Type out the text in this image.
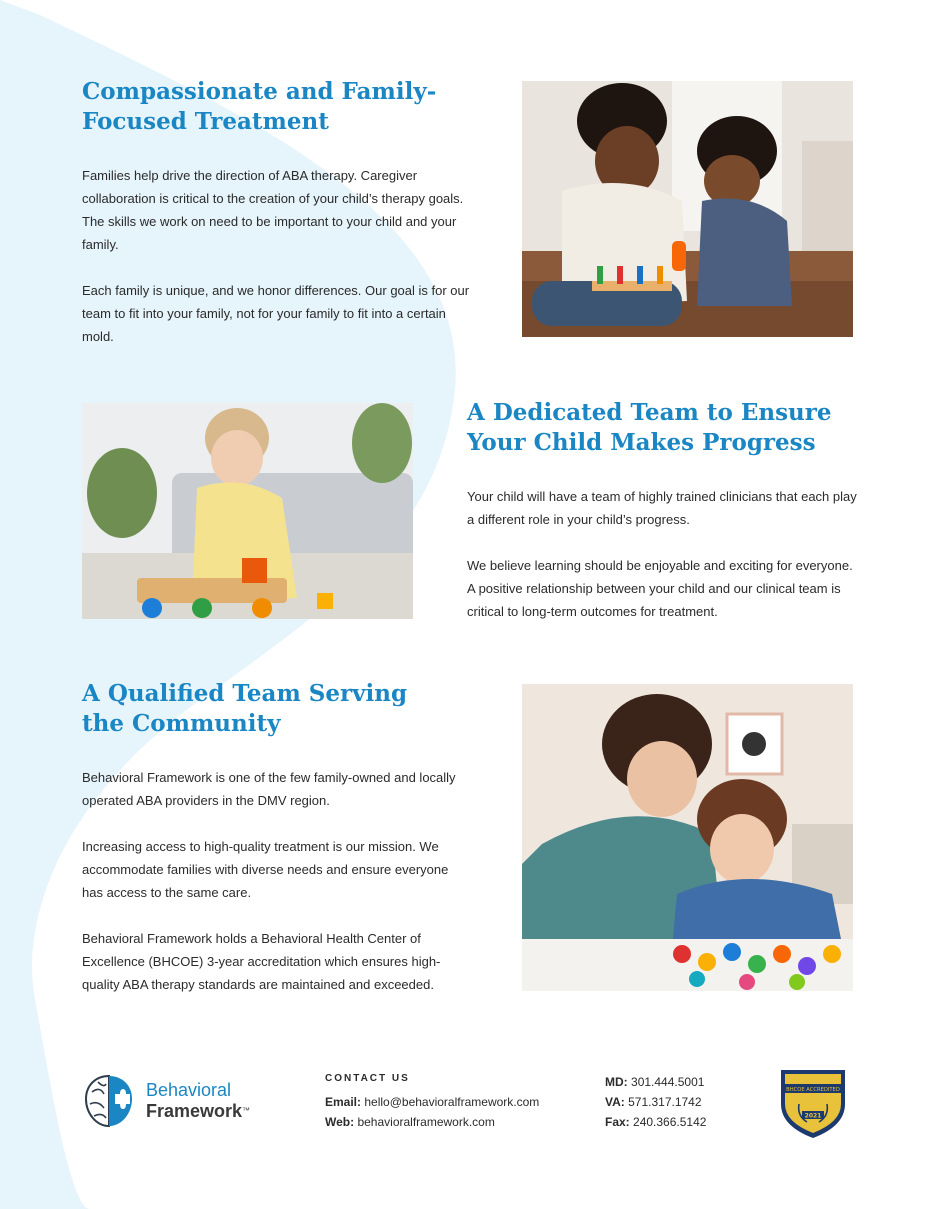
Compassionate and Family-Focused Treatment

Families help drive the direction of ABA therapy. Caregiver collaboration is critical to the creation of your child’s therapy goals. The skills we work on need to be important to your child and your family.

Each family is unique, and we honor differences. Our goal is for our team to fit into your family, not for your family to fit into a certain mold.

A Dedicated Team to Ensure Your Child Makes Progress

Your child will have a team of highly trained clinicians that each play a different role in your child’s progress.

We believe learning should be enjoyable and exciting for everyone. A positive relationship between your child and our clinical team is critical to long-term outcomes for treatment.

A Qualified Team Serving the Community

Behavioral Framework is one of the few family-owned and locally operated ABA providers in the DMV region.

Increasing access to high-quality treatment is our mission. We accommodate families with diverse needs and ensure everyone has access to the same care.

Behavioral Framework holds a Behavioral Health Center of Excellence (BHCOE) 3-year accreditation which ensures high-quality ABA therapy standards are maintained and exceeded.

Behavioral
Framework™
CONTACT US
Email: hello@behavioralframework.com
Web: behavioralframework.com
MD: 301.444.5001
VA: 571.317.1742
Fax: 240.366.5142
BHCOE ACCREDITED
2021
